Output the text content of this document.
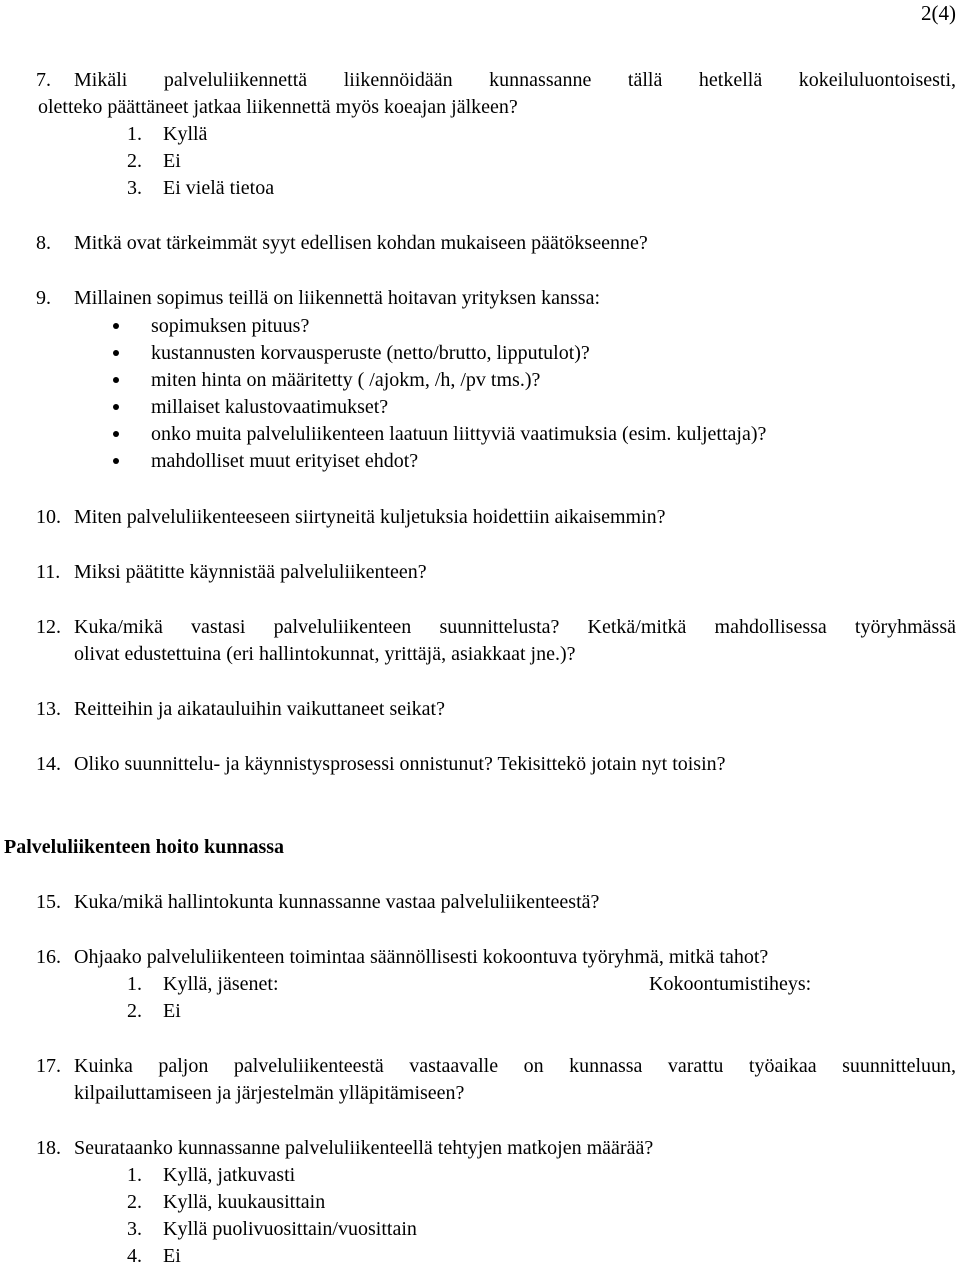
2(4)
7. Mikäli palveluliikennettä liikennöidään kunnassanne tällä hetkellä kokeiluluontoisesti,
oletteko päättäneet jatkaa liikennettä myös koeajan jälkeen?
1. Kyllä
2. Ei
3. Ei vielä tietoa
8. Mitkä ovat tärkeimmät syyt edellisen kohdan mukaiseen päätökseenne?
9. Millainen sopimus teillä on liikennettä hoitavan yrityksen kanssa:
sopimuksen pituus?
kustannusten korvausperuste (netto/brutto, lipputulot)?
miten hinta on määritetty ( /ajokm, /h, /pv tms.)?
millaiset kalustovaatimukset?
onko muita palveluliikenteen laatuun liittyviä vaatimuksia (esim. kuljettaja)?
mahdolliset muut erityiset ehdot?
10. Miten palveluliikenteeseen siirtyneitä kuljetuksia hoidettiin aikaisemmin?
11. Miksi päätitte käynnistää palveluliikenteen?
12. Kuka/mikä vastasi palveluliikenteen suunnittelusta? Ketkä/mitkä mahdollisessa työryhmässä
olivat edustettuina (eri hallintokunnat, yrittäjä, asiakkaat jne.)?
13. Reitteihin ja aikatauluihin vaikuttaneet seikat?
14. Oliko suunnittelu- ja käynnistysprosessi onnistunut? Tekisittekö jotain nyt toisin?
Palveluliikenteen hoito kunnassa
15. Kuka/mikä hallintokunta kunnassanne vastaa palveluliikenteestä?
16. Ohjaako palveluliikenteen toimintaa säännöllisesti kokoontuva työryhmä, mitkä tahot?
1. Kyllä, jäsenet:	Kokoontumistiheys:
2. Ei
17. Kuinka paljon palveluliikenteestä vastaavalle on kunnassa varattu työaikaa suunnitteluun,
kilpailuttamiseen ja järjestelmän ylläpitämiseen?
18. Seurataanko kunnassanne palveluliikenteellä tehtyjen matkojen määrää?
1. Kyllä, jatkuvasti
2. Kyllä, kuukausittain
3. Kyllä puolivuosittain/vuosittain
4. Ei
